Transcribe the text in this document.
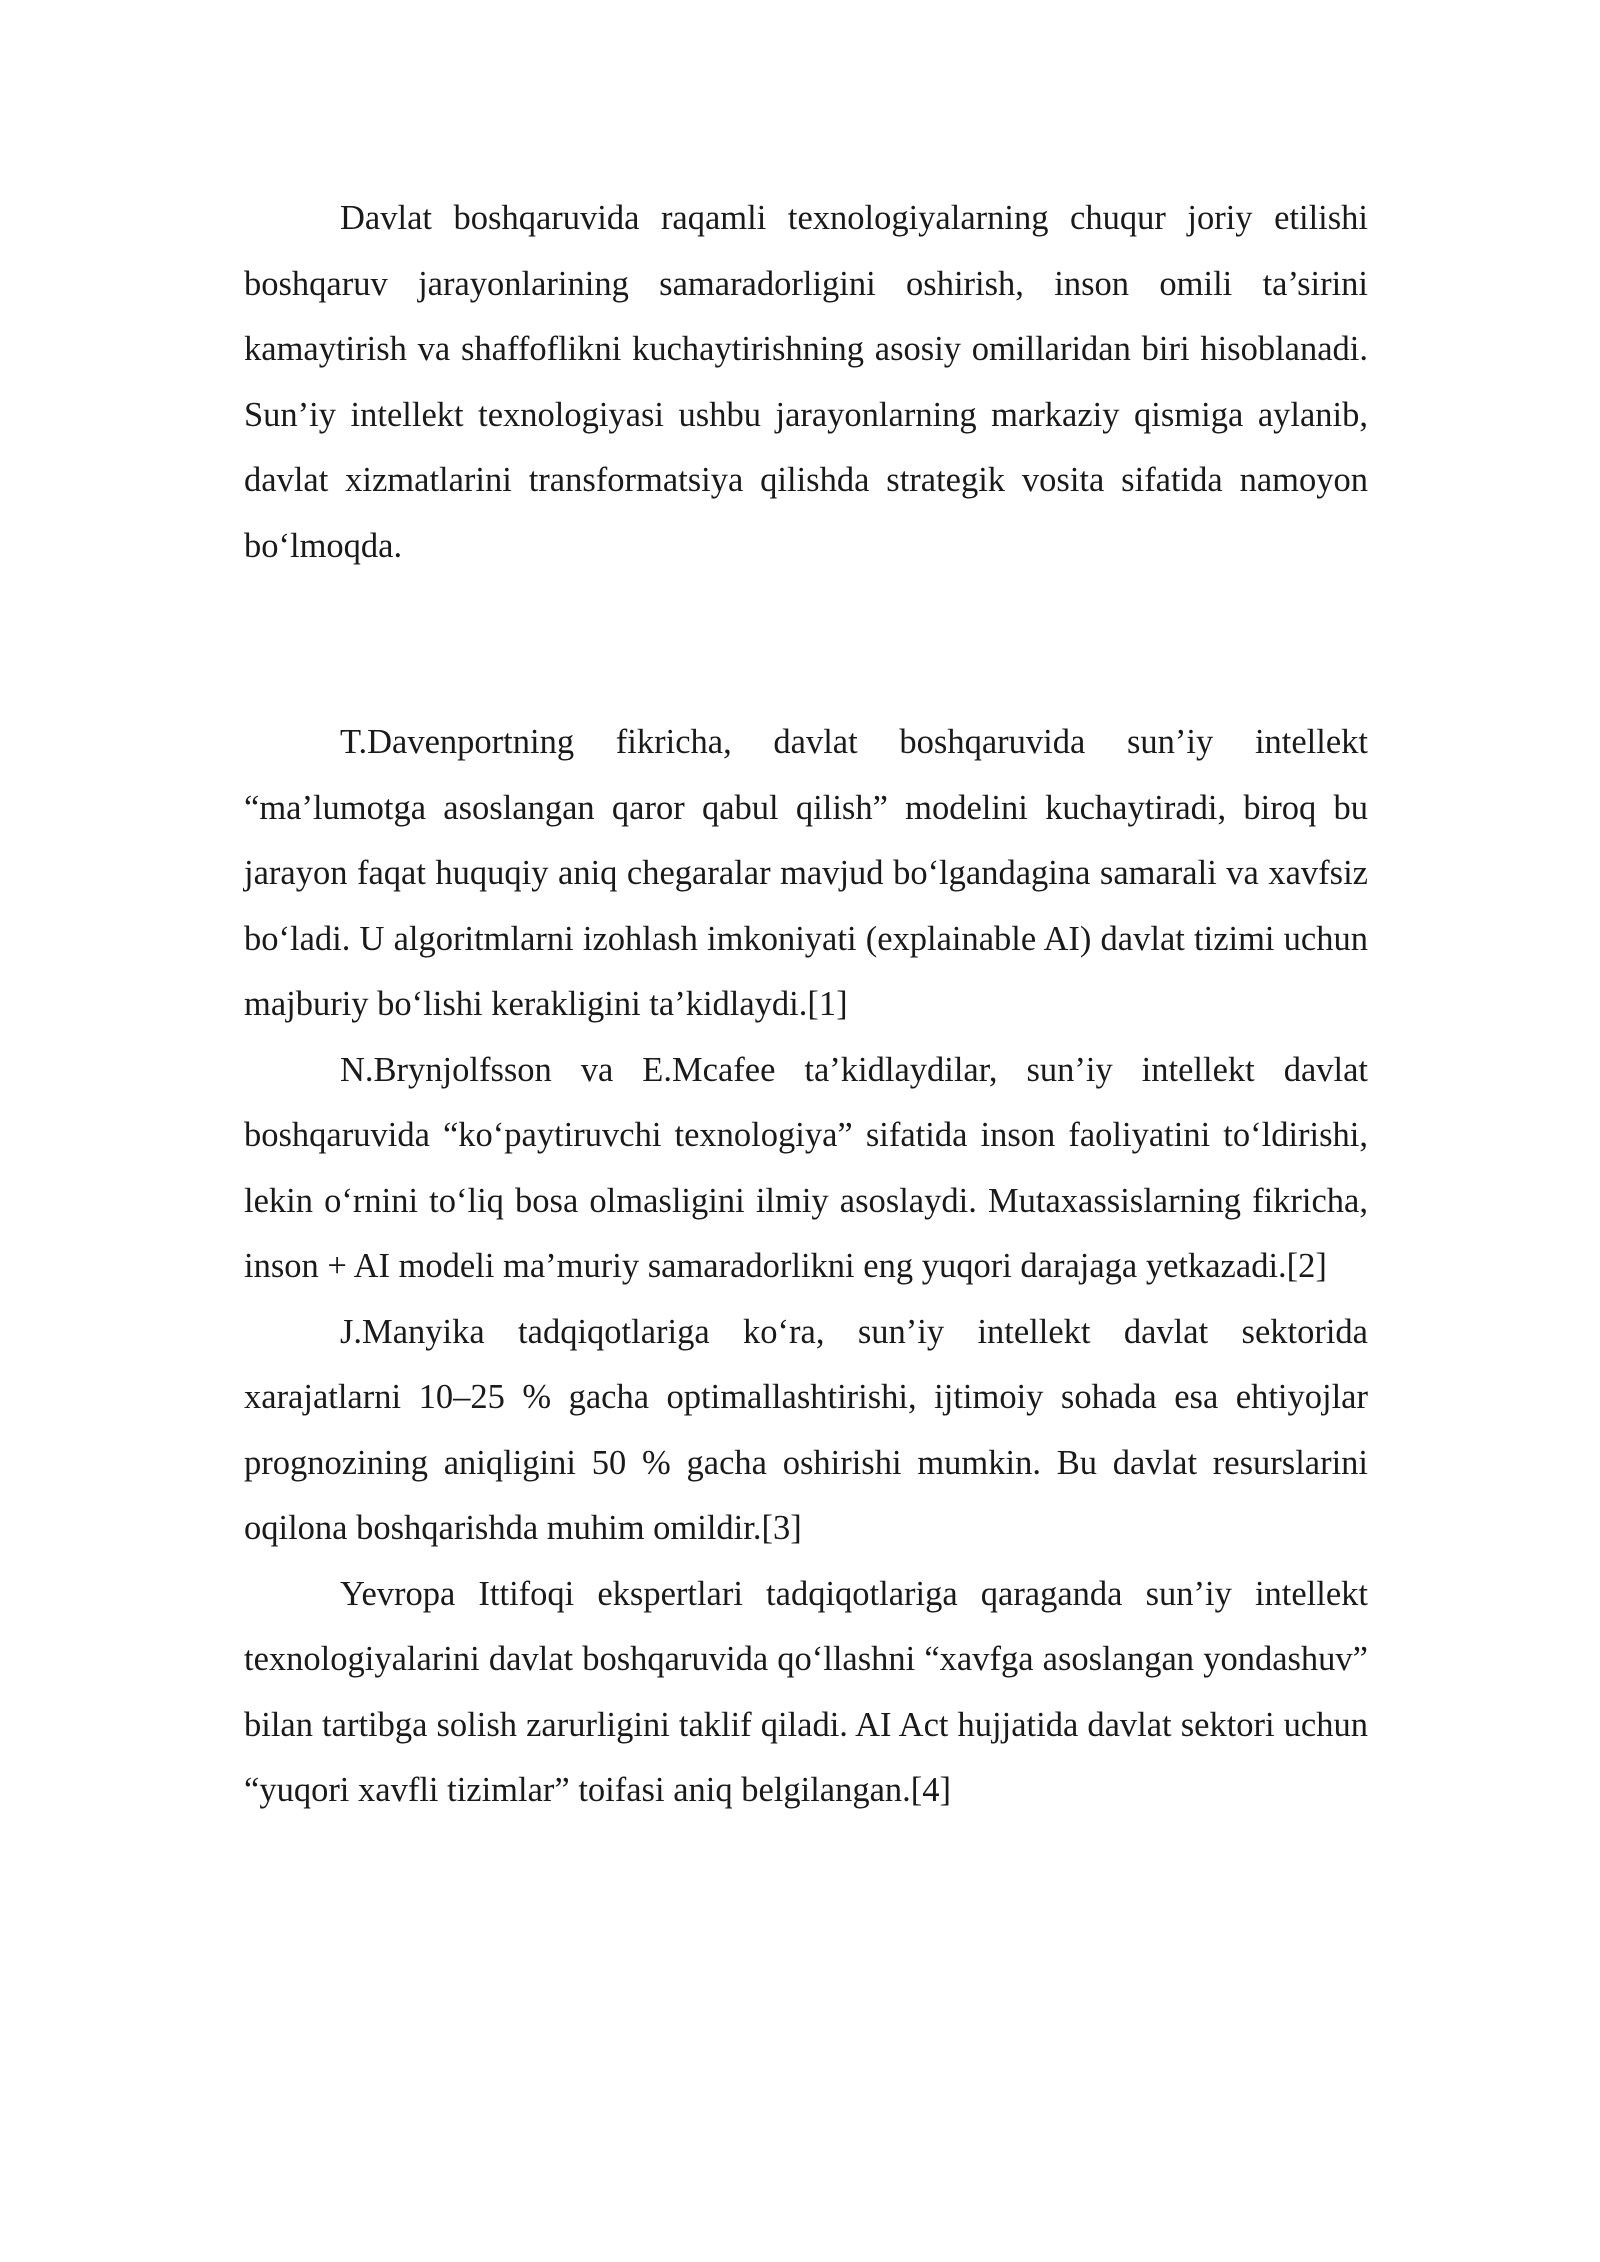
Davlat boshqaruvida raqamli texnologiyalarning chuqur joriy etilishi boshqaruv jarayonlarining samaradorligini oshirish, inson omili ta’sirini kamaytirish va shaffoflikni kuchaytirishning asosiy omillaridan biri hisoblanadi. Sun’iy intellekt texnologiyasi ushbu jarayonlarning markaziy qismiga aylanib, davlat xizmatlarini transformatsiya qilishda strategik vosita sifatida namoyon bo‘lmoqda.

T.Davenportning fikricha, davlat boshqaruvida sun’iy intellekt “ma’lumotga asoslangan qaror qabul qilish” modelini kuchaytiradi, biroq bu jarayon faqat huquqiy aniq chegaralar mavjud bo‘lgandagina samarali va xavfsiz bo‘ladi. U algoritmlarni izohlash imkoniyati (explainable AI) davlat tizimi uchun majburiy bo‘lishi kerakligini ta’kidlaydi.[1]

N.Brynjolfsson va E.Mcafee ta’kidlaydilar, sun’iy intellekt davlat boshqaruvida “ko‘paytiruvchi texnologiya” sifatida inson faoliyatini to‘ldirishi, lekin o‘rnini to‘liq bosa olmasligini ilmiy asoslaydi. Mutaxassislarning fikricha, inson + AI modeli ma’muriy samaradorlikni eng yuqori darajaga yetkazadi.[2]

J.Manyika tadqiqotlariga ko‘ra, sun’iy intellekt davlat sektorida xarajatlarni 10–25 % gacha optimallashtirishi, ijtimoiy sohada esa ehtiyojlar prognozining aniqligini 50 % gacha oshirishi mumkin. Bu davlat resurslarini oqilona boshqarishda muhim omildir.[3]

Yevropa Ittifoqi ekspertlari tadqiqotlariga qaraganda sun’iy intellekt texnologiyalarini davlat boshqaruvida qo‘llashni “xavfga asoslangan yondashuv” bilan tartibga solish zarurligini taklif qiladi. AI Act hujjatida davlat sektori uchun “yuqori xavfli tizimlar” toifasi aniq belgilangan.[4]
